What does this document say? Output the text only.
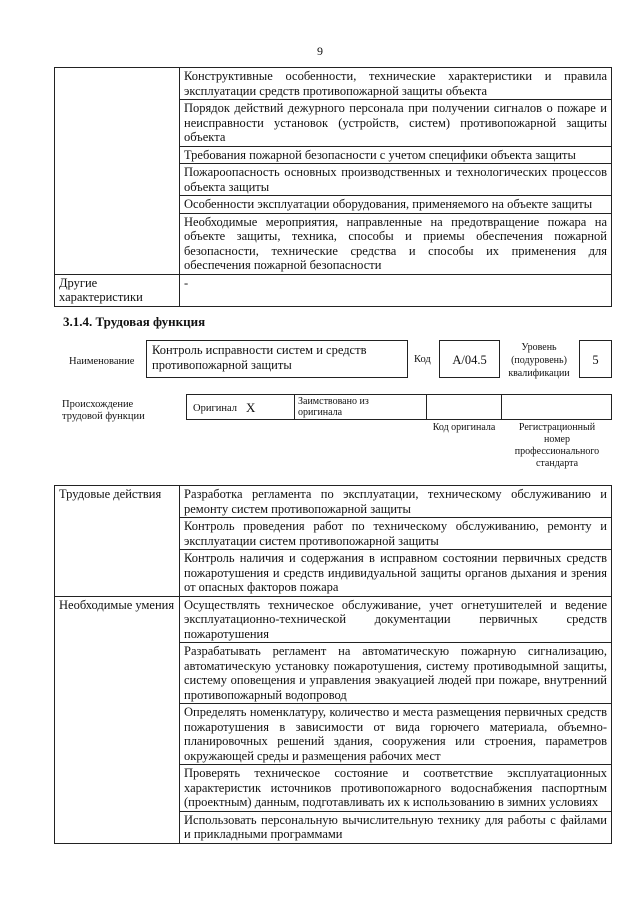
9
	Конструктивные особенности, технические характеристики и правила эксплуатации средств противопожарной защиты объекта
	Порядок действий дежурного персонала при получении сигналов о пожаре и неисправности установок (устройств, систем) противопожарной защиты объекта
	Требования пожарной безопасности с учетом специфики объекта защиты
	Пожароопасность основных производственных и технологических процессов объекта защиты
	Особенности эксплуатации оборудования, применяемого на объекте защиты
	Необходимые мероприятия, направленные на предотвращение пожара на объекте защиты, техника, способы и приемы обеспечения пожарной безопасности, технические средства и способы их применения для обеспечения пожарной безопасности
Другие характеристики	-
3.1.4. Трудовая функция
Наименование
Контроль исправности систем и средств противопожарной защиты	Код	A/04.5
Уровень (подуровень) квалификации
5
Происхождение трудовой функции
Оригинал X	Заимствовано из оригинала
Код оригинала	Регистрационный номер профессионального стандарта
Трудовые действия	Разработка регламента по эксплуатации, техническому обслуживанию и ремонту систем противопожарной защиты
	Контроль проведения работ по техническому обслуживанию, ремонту и эксплуатации систем противопожарной защиты
	Контроль наличия и содержания в исправном состоянии первичных средств пожаротушения и средств индивидуальной защиты органов дыхания и зрения от опасных факторов пожара
Необходимые умения	Осуществлять техническое обслуживание, учет огнетушителей и ведение эксплуатационно-технической документации первичных средств пожаротушения
	Разрабатывать регламент на автоматическую пожарную сигнализацию, автоматическую установку пожаротушения, систему противодымной защиты, систему оповещения и управления эвакуацией людей при пожаре, внутренний противопожарный водопровод
	Определять номенклатуру, количество и места размещения первичных средств пожаротушения в зависимости от вида горючего материала, объемно-планировочных решений здания, сооружения или строения, параметров окружающей среды и размещения рабочих мест
	Проверять техническое состояние и соответствие эксплуатационных характеристик источников противопожарного водоснабжения паспортным (проектным) данным, подготавливать их к использованию в зимних условиях
	Использовать персональную вычислительную технику для работы с файлами и прикладными программами
